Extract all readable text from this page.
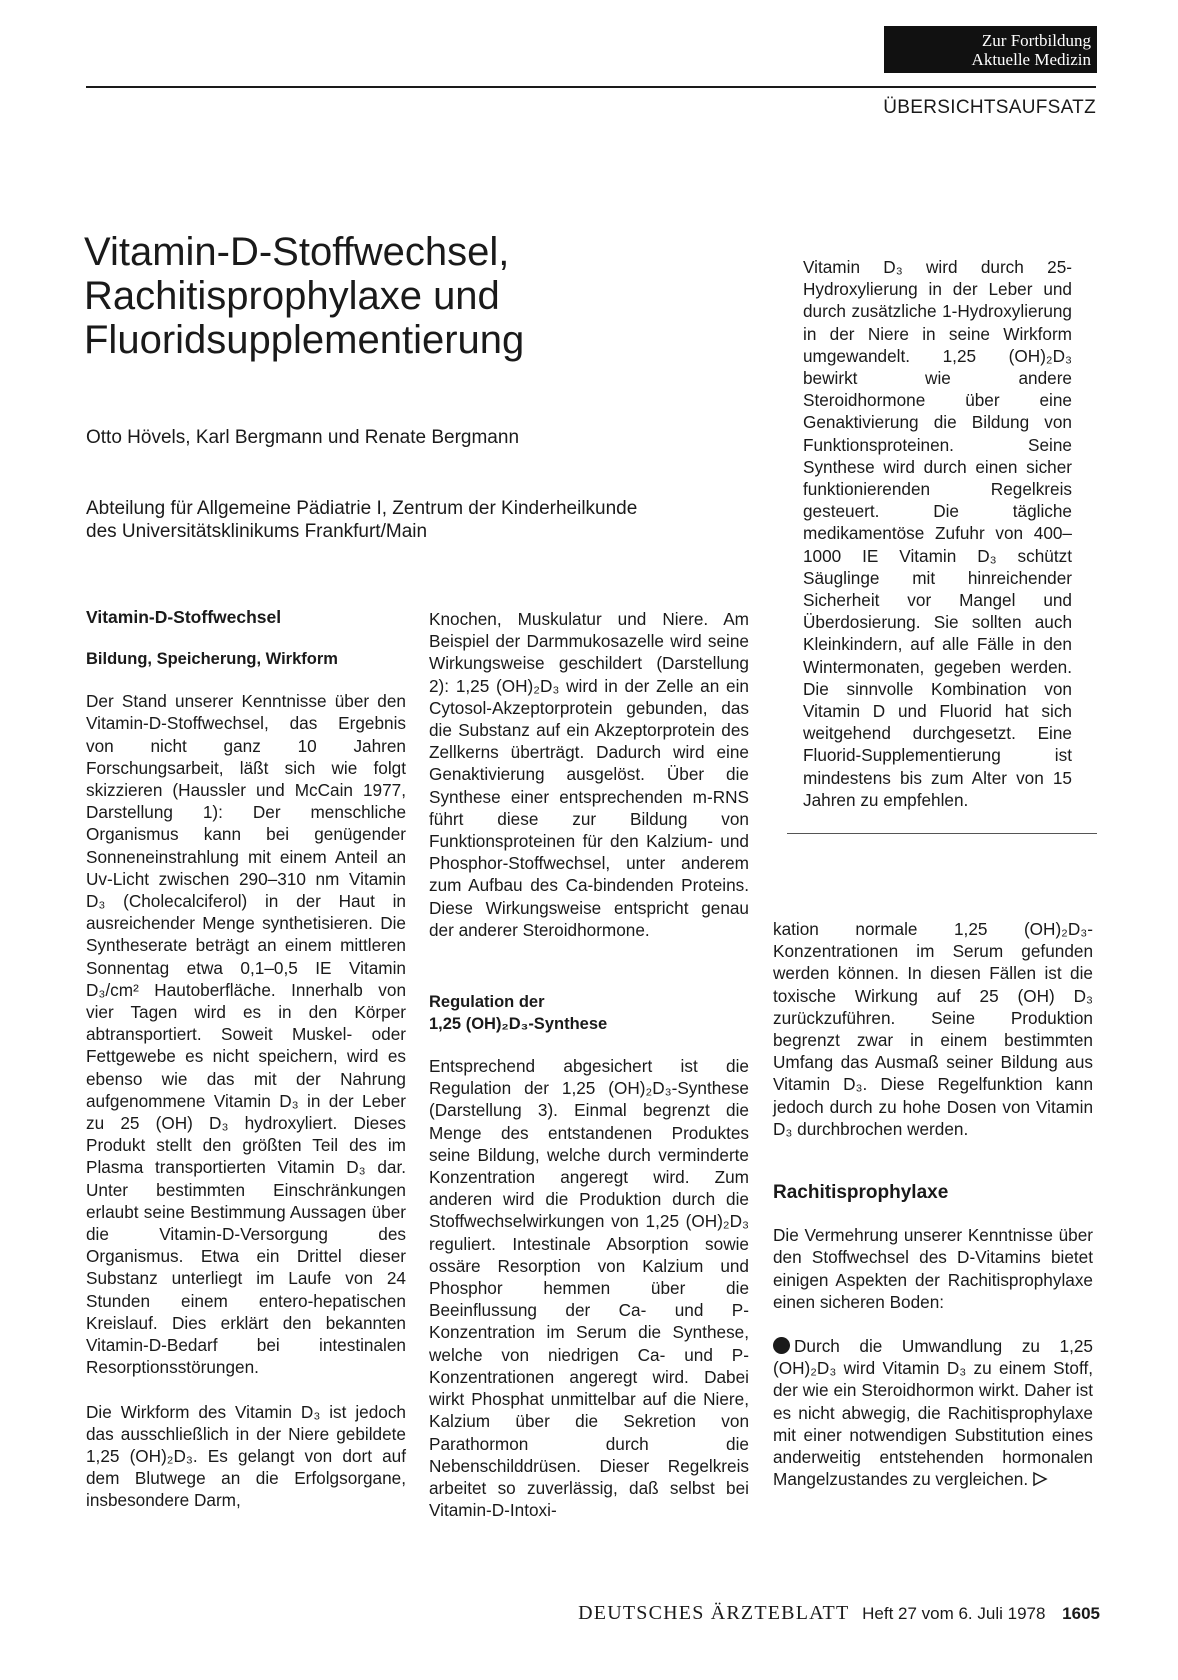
Zur Fortbildung
Aktuelle Medizin
ÜBERSICHTSAUFSATZ
Vitamin-D-Stoffwechsel,
Rachitisprophylaxe und
Fluoridsupplementierung
Otto Hövels, Karl Bergmann und Renate Bergmann
Abteilung für Allgemeine Pädiatrie I, Zentrum der Kinderheilkunde
des Universitätsklinikums Frankfurt/Main
Vitamin-D-Stoffwechsel
Bildung, Speicherung, Wirkform

Der Stand unserer Kenntnisse über den Vitamin-D-Stoffwechsel, das Ergebnis von nicht ganz 10 Jahren Forschungsarbeit, läßt sich wie folgt skizzieren (Haussler und McCain 1977, Darstellung 1): Der menschliche Organismus kann bei genügender Sonneneinstrahlung mit einem Anteil an Uv-Licht zwischen 290–310 nm Vitamin D₃ (Cholecalciferol) in der Haut in ausreichender Menge synthetisieren. Die Syntheserate beträgt an einem mittleren Sonnentag etwa 0,1–0,5 IE Vitamin D₃/cm² Hautoberfläche. Innerhalb von vier Tagen wird es in den Körper abtransportiert. Soweit Muskel- oder Fettgewebe es nicht speichern, wird es ebenso wie das mit der Nahrung aufgenommene Vitamin D₃ in der Leber zu 25 (OH) D₃ hydroxyliert. Dieses Produkt stellt den größten Teil des im Plasma transportierten Vitamin D₃ dar. Unter bestimmten Einschränkungen erlaubt seine Bestimmung Aussagen über die Vitamin-D-Versorgung des Organismus. Etwa ein Drittel dieser Substanz unterliegt im Laufe von 24 Stunden einem entero-hepatischen Kreislauf. Dies erklärt den bekannten Vitamin-D-Bedarf bei intestinalen Resorptionsstörungen.

Die Wirkform des Vitamin D₃ ist jedoch das ausschließlich in der Niere gebildete 1,25 (OH)₂D₃. Es gelangt von dort auf dem Blutwege an die Erfolgsorgane, insbesondere Darm,

Knochen, Muskulatur und Niere. Am Beispiel der Darmmukosazelle wird seine Wirkungsweise geschildert (Darstellung 2): 1,25 (OH)₂D₃ wird in der Zelle an ein Cytosol-Akzeptorprotein gebunden, das die Substanz auf ein Akzeptorprotein des Zellkerns überträgt. Dadurch wird eine Genaktivierung ausgelöst. Über die Synthese einer entsprechenden m-RNS führt diese zur Bildung von Funktionsproteinen für den Kalzium- und Phosphor-Stoffwechsel, unter anderem zum Aufbau des Ca-bindenden Proteins. Diese Wirkungsweise entspricht genau der anderer Steroidhormone.

Regulation der
1,25 (OH)₂D₃-Synthese

Entsprechend abgesichert ist die Regulation der 1,25 (OH)₂D₃-Synthese (Darstellung 3). Einmal begrenzt die Menge des entstandenen Produktes seine Bildung, welche durch verminderte Konzentration angeregt wird. Zum anderen wird die Produktion durch die Stoffwechselwirkungen von 1,25 (OH)₂D₃ reguliert. Intestinale Absorption sowie ossäre Resorption von Kalzium und Phosphor hemmen über die Beeinflussung der Ca- und P-Konzentration im Serum die Synthese, welche von niedrigen Ca- und P-Konzentrationen angeregt wird. Dabei wirkt Phosphat unmittelbar auf die Niere, Kalzium über die Sekretion von Parathormon durch die Nebenschilddrüsen. Dieser Regelkreis arbeitet so zuverlässig, daß selbst bei Vitamin-D-Intoxi-

Vitamin D₃ wird durch 25-Hydroxylierung in der Leber und durch zusätzliche 1-Hydroxylierung in der Niere in seine Wirkform umgewandelt. 1,25 (OH)₂D₃ bewirkt wie andere Steroidhormone über eine Genaktivierung die Bildung von Funktionsproteinen. Seine Synthese wird durch einen sicher funktionierenden Regelkreis gesteuert. Die tägliche medikamentöse Zufuhr von 400–1000 IE Vitamin D₃ schützt Säuglinge mit hinreichender Sicherheit vor Mangel und Überdosierung. Sie sollten auch Kleinkindern, auf alle Fälle in den Wintermonaten, gegeben werden. Die sinnvolle Kombination von Vitamin D und Fluorid hat sich weitgehend durchgesetzt. Eine Fluorid-Supplementierung ist mindestens bis zum Alter von 15 Jahren zu empfehlen.

kation normale 1,25 (OH)₂D₃-Konzentrationen im Serum gefunden werden können. In diesen Fällen ist die toxische Wirkung auf 25 (OH) D₃ zurückzuführen. Seine Produktion begrenzt zwar in einem bestimmten Umfang das Ausmaß seiner Bildung aus Vitamin D₃. Diese Regelfunktion kann jedoch durch zu hohe Dosen von Vitamin D₃ durchbrochen werden.

Rachitisprophylaxe

Die Vermehrung unserer Kenntnisse über den Stoffwechsel des D-Vitamins bietet einigen Aspekten der Rachitisprophylaxe einen sicheren Boden:

Durch die Umwandlung zu 1,25 (OH)₂D₃ wird Vitamin D₃ zu einem Stoff, der wie ein Steroidhormon wirkt. Daher ist es nicht abwegig, die Rachitisprophylaxe mit einer notwendigen Substitution eines anderweitig entstehenden hormonalen Mangelzustandes zu vergleichen.

DEUTSCHES ÄRZTEBLATT Heft 27 vom 6. Juli 1978 1605
